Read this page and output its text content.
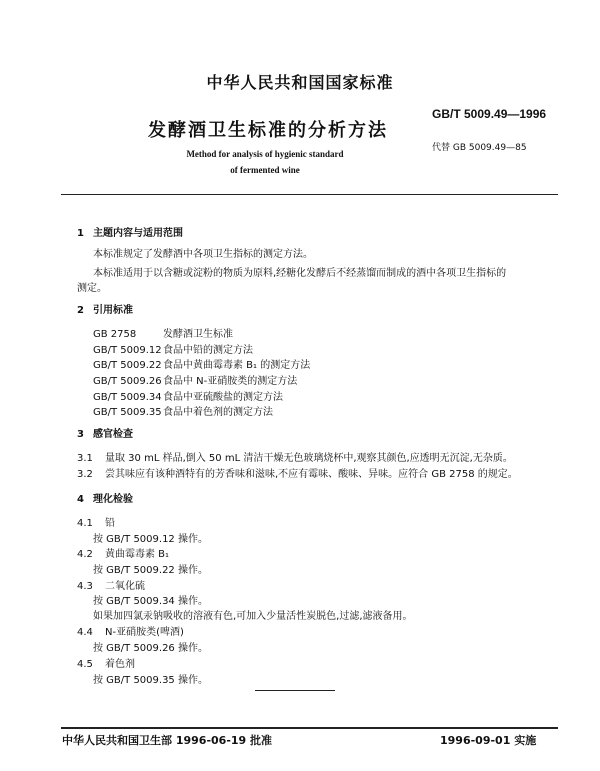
中华人民共和国国家标准
GB/T 5009.49—1996
发酵酒卫生标准的分析方法
代替 GB 5009.49—85
Method for analysis of hygienic standard
of fermented wine
1 主题内容与适用范围
本标准规定了发酵酒中各项卫生指标的测定方法。
本标准适用于以含糖或淀粉的物质为原料,经糖化发酵后不经蒸馏而制成的酒中各项卫生指标的
测定。
2 引用标准
GB 2758	发酵酒卫生标准
GB/T 5009.12食品中铅的测定方法
GB/T 5009.22食品中黄曲霉毒素 B₁ 的测定方法
GB/T 5009.26食品中 N-亚硝胺类的测定方法
GB/T 5009.34食品中亚硫酸盐的测定方法
GB/T 5009.35食品中着色剂的测定方法
3 感官检查
3.1 量取 30 mL 样品,倒入 50 mL 清洁干燥无色玻璃烧杯中,观察其颜色,应透明无沉淀,无杂质。
3.2 尝其味应有该种酒特有的芳香味和滋味,不应有霉味、酸味、异味。应符合 GB 2758 的规定。
4 理化检验
4.1 铅
按 GB/T 5009.12 操作。
4.2 黄曲霉毒素 B₁
按 GB/T 5009.22 操作。
4.3 二氧化硫
按 GB/T 5009.34 操作。
如果加四氯汞钠吸收的溶液有色,可加入少量活性炭脱色,过滤,滤液备用。
4.4 N-亚硝胺类(啤酒)
按 GB/T 5009.26 操作。
4.5 着色剂
按 GB/T 5009.35 操作。
中华人民共和国卫生部 1996-06-19 批准	1996-09-01 实施
